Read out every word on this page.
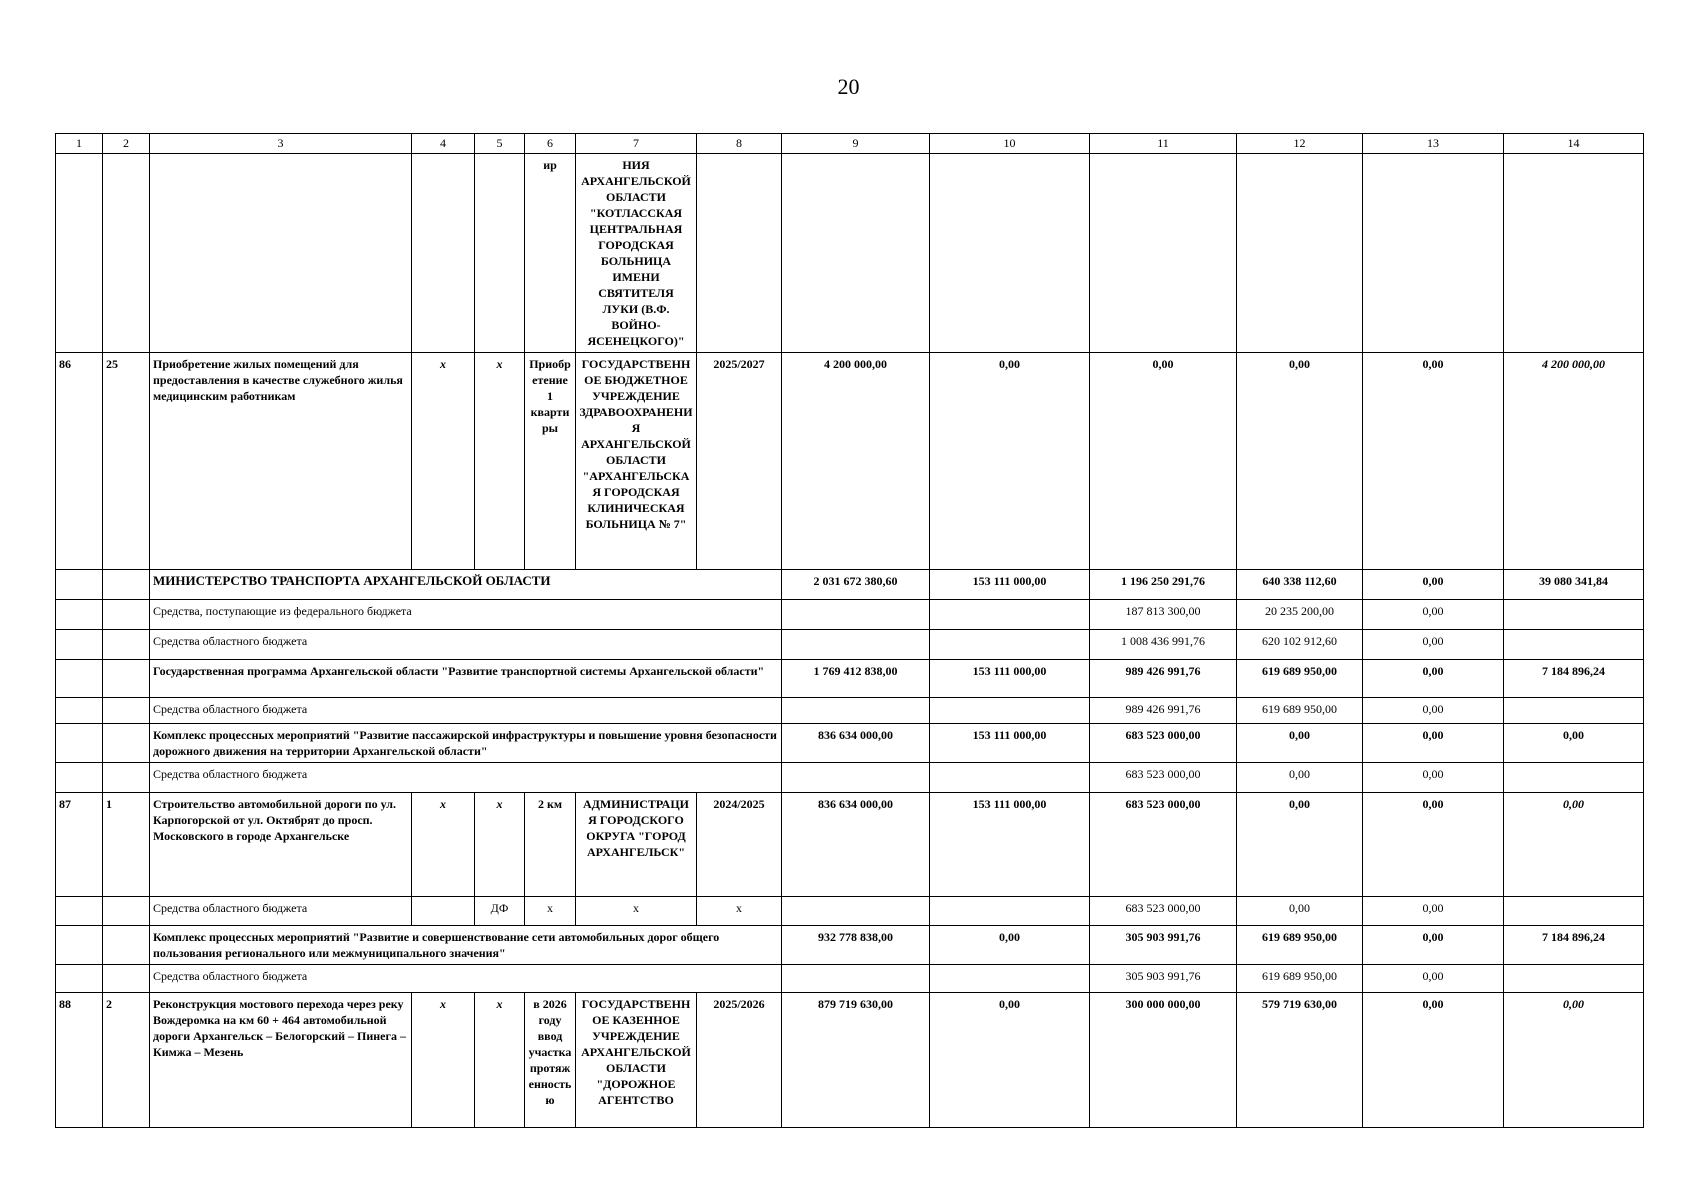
20
1	2	3	4	5	6	7	8	9	10	11	12	13	14
					ир	НИЯ АРХАНГЕЛЬСКОЙ ОБЛАСТИ "КОТЛАССКАЯ ЦЕНТРАЛЬНАЯ ГОРОДСКАЯ БОЛЬНИЦА ИМЕНИ СВЯТИТЕЛЯ ЛУКИ (В.Ф. ВОЙНО-ЯСЕНЕЦКОГО)"							
86	25	Приобретение жилых помещений для предоставления в качестве служебного жилья медицинским работникам	x	x	Приобретение 1 квартиры	ГОСУДАРСТВЕННОЕ БЮДЖЕТНОЕ УЧРЕЖДЕНИЕ ЗДРАВООХРАНЕНИЯ АРХАНГЕЛЬСКОЙ ОБЛАСТИ "АРХАНГЕЛЬСКАЯ ГОРОДСКАЯ КЛИНИЧЕСКАЯ БОЛЬНИЦА № 7"	2025/2027	4 200 000,00	0,00	0,00	0,00	0,00	4 200 000,00
		МИНИСТЕРСТВО ТРАНСПОРТА АРХАНГЕЛЬСКОЙ ОБЛАСТИ						2 031 672 380,60	153 111 000,00	1 196 250 291,76	640 338 112,60	0,00	39 080 341,84
		Средства, поступающие из федерального бюджета								187 813 300,00	20 235 200,00	0,00	
		Средства областного бюджета								1 008 436 991,76	620 102 912,60	0,00	
		Государственная программа Архангельской области "Развитие транспортной системы Архангельской области"						1 769 412 838,00	153 111 000,00	989 426 991,76	619 689 950,00	0,00	7 184 896,24
		Средства областного бюджета								989 426 991,76	619 689 950,00	0,00	
		Комплекс процессных мероприятий "Развитие пассажирской инфраструктуры и повышение уровня безопасности дорожного движения на территории Архангельской области"						836 634 000,00	153 111 000,00	683 523 000,00	0,00	0,00	0,00
		Средства областного бюджета								683 523 000,00	0,00	0,00	
87	1	Строительство автомобильной дороги по ул. Карпогорской от ул. Октябрят до просп. Московского в городе Архангельске	x	x	2 км	АДМИНИСТРАЦИЯ ГОРОДСКОГО ОКРУГА "ГОРОД АРХАНГЕЛЬСК"	2024/2025	836 634 000,00	153 111 000,00	683 523 000,00	0,00	0,00	0,00
		Средства областного бюджета		ДФ	х	х	х			683 523 000,00	0,00	0,00	
		Комплекс процессных мероприятий "Развитие и совершенствование сети автомобильных дорог общего пользования регионального или межмуниципального значения"						932 778 838,00	0,00	305 903 991,76	619 689 950,00	0,00	7 184 896,24
		Средства областного бюджета								305 903 991,76	619 689 950,00	0,00	
88	2	Реконструкция мостового перехода через реку Вождеромка на км 60 + 464 автомобильной дороги Архангельск – Белогорский – Пинега – Кимжа – Мезень	x	x	в 2026 году ввод участка протяженностью	ГОСУДАРСТВЕННОЕ КАЗЕННОЕ УЧРЕЖДЕНИЕ АРХАНГЕЛЬСКОЙ ОБЛАСТИ "ДОРОЖНОЕ АГЕНТСТВО	2025/2026	879 719 630,00	0,00	300 000 000,00	579 719 630,00	0,00	0,00
